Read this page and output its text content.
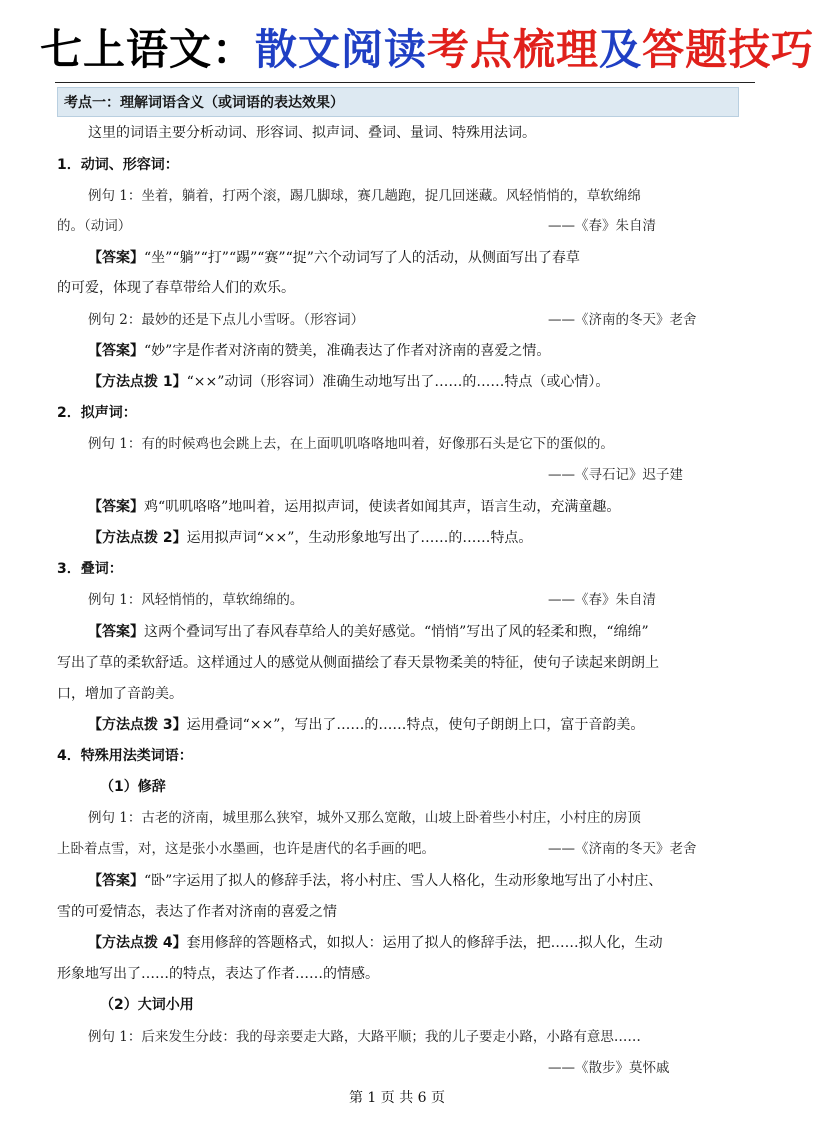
七上语文：散文阅读考点梳理及答题技巧
考点一：理解词语含义（或词语的表达效果）
这里的词语主要分析动词、形容词、拟声词、叠词、量词、特殊用法词。
1．动词、形容词：
例句 1：坐着，躺着，打两个滚，踢几脚球，赛几趟跑，捉几回迷藏。风轻悄悄的，草软绵绵
的。（动词）	——《春》朱自清
【答案】“坐”“躺”“打”“踢”“赛”“捉”六个动词写了人的活动，从侧面写出了春草
的可爱，体现了春草带给人们的欢乐。
例句 2：最妙的还是下点儿小雪呀。（形容词）	——《济南的冬天》老舍
【答案】“妙”字是作者对济南的赞美，准确表达了作者对济南的喜爱之情。
【方法点拨 1】“××”动词（形容词）准确生动地写出了……的……特点（或心情）。
2．拟声词：
例句 1：有的时候鸡也会跳上去，在上面叽叽咯咯地叫着，好像那石头是它下的蛋似的。
——《寻石记》迟子建
【答案】鸡“叽叽咯咯”地叫着，运用拟声词，使读者如闻其声，语言生动，充满童趣。
【方法点拨 2】运用拟声词“××”，生动形象地写出了……的……特点。
3．叠词：
例句 1：风轻悄悄的，草软绵绵的。	——《春》朱自清
【答案】这两个叠词写出了春风春草给人的美好感觉。“悄悄”写出了风的轻柔和煦，“绵绵”
写出了草的柔软舒适。这样通过人的感觉从侧面描绘了春天景物柔美的特征，使句子读起来朗朗上
口，增加了音韵美。
【方法点拨 3】运用叠词“××”，写出了……的……特点，使句子朗朗上口，富于音韵美。
4．特殊用法类词语：
（1）修辞
例句 1：古老的济南，城里那么狭窄，城外又那么宽敞，山坡上卧着些小村庄，小村庄的房顶
上卧着点雪，对，这是张小水墨画，也许是唐代的名手画的吧。	——《济南的冬天》老舍
【答案】“卧”字运用了拟人的修辞手法，将小村庄、雪人人格化，生动形象地写出了小村庄、
雪的可爱情态，表达了作者对济南的喜爱之情
【方法点拨 4】套用修辞的答题格式，如拟人：运用了拟人的修辞手法，把……拟人化，生动
形象地写出了……的特点，表达了作者……的情感。
（2）大词小用
例句 1：后来发生分歧：我的母亲要走大路，大路平顺；我的儿子要走小路，小路有意思……
——《散步》莫怀戚
第 1 页 共 6 页
